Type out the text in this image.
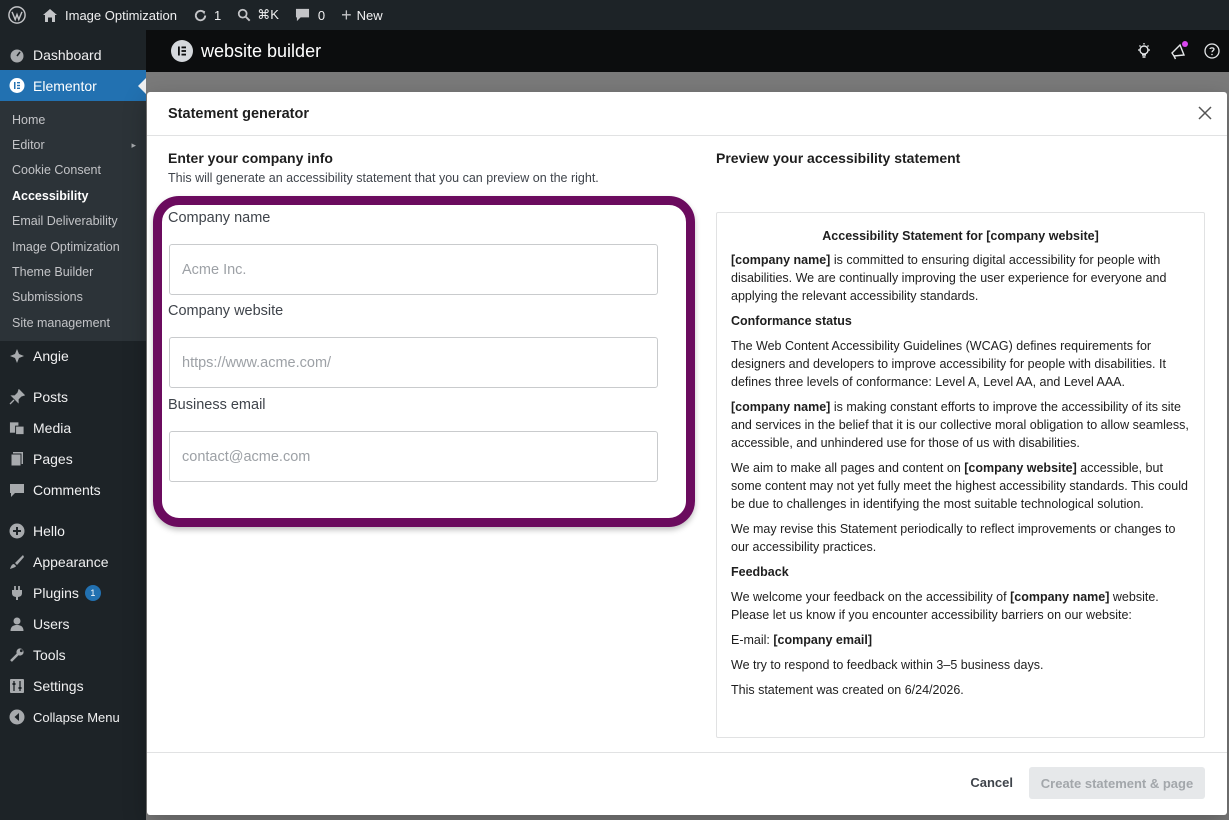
Image Optimization	1	⌘K	0 + New
Dashboard
Elementor
Home
Editor	▸
Cookie Consent
Accessibility
Email Deliverability
Image Optimization
Theme Builder
Submissions
Site management
Angie
Posts
Media
Pages
Comments
Hello
Appearance
Plugins	1
Users
Tools
Settings
Collapse Menu
website builder
Statement generator
Enter your company info
This will generate an accessibility statement that you can preview on the right.
Company name
Acme Inc.
Company website
https://www.acme.com/
Business email
contact@acme.com
Preview your accessibility statement
Accessibility Statement for [company website]
[company name] is committed to ensuring digital accessibility for people with disabilities. We are continually improving the user experience for everyone and applying the relevant accessibility standards.
Conformance status
The Web Content Accessibility Guidelines (WCAG) defines requirements for designers and developers to improve accessibility for people with disabilities. It defines three levels of conformance: Level A, Level AA, and Level AAA.
[company name] is making constant efforts to improve the accessibility of its site and services in the belief that it is our collective moral obligation to allow seamless, accessible, and unhindered use for those of us with disabilities.
We aim to make all pages and content on [company website] accessible, but some content may not yet fully meet the highest accessibility standards. This could be due to challenges in identifying the most suitable technological solution.
We may revise this Statement periodically to reflect improvements or changes to our accessibility practices.
Feedback
We welcome your feedback on the accessibility of [company name] website. Please let us know if you encounter accessibility barriers on our website:
E-mail: [company email]
We try to respond to feedback within 3–5 business days.
This statement was created on 6/24/2026.
Cancel	Create statement & page
